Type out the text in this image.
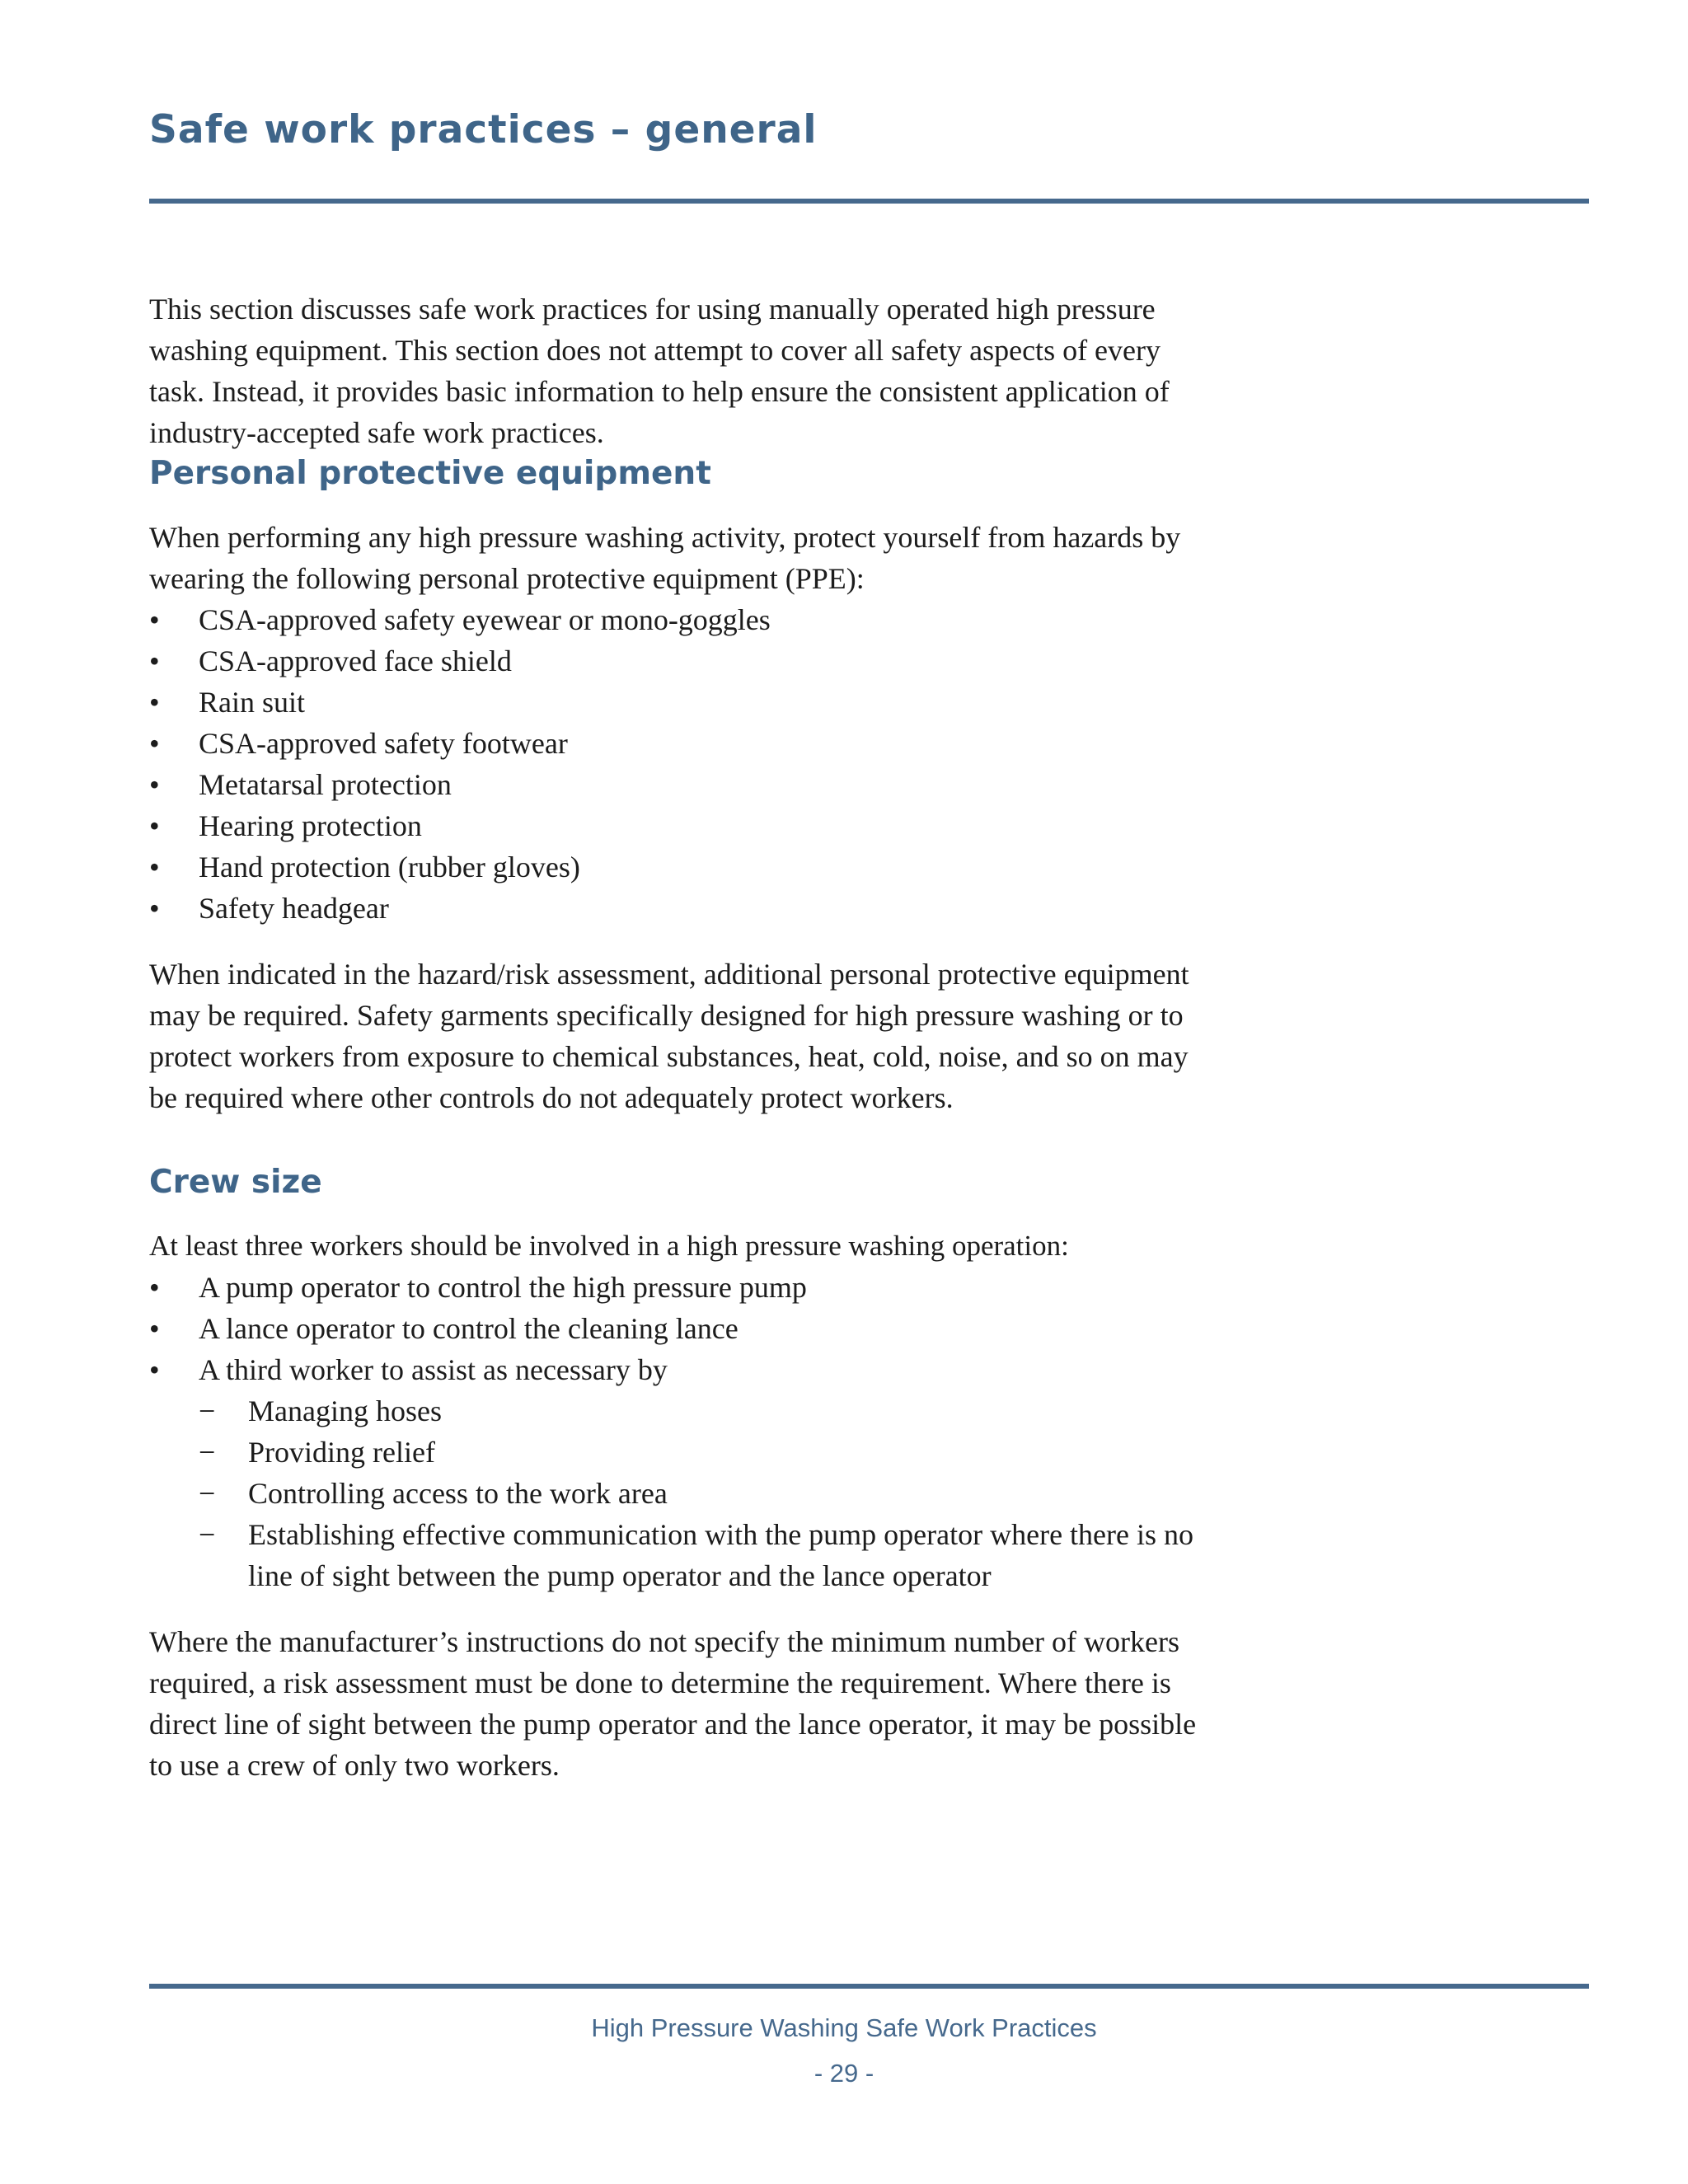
Safe work practices – general

This section discusses safe work practices for using manually operated high pressure washing equipment. This section does not attempt to cover all safety aspects of every task. Instead, it provides basic information to help ensure the consistent application of industry-accepted safe work practices.

Personal protective equipment

When performing any high pressure washing activity, protect yourself from hazards by wearing the following personal protective equipment (PPE):

• CSA-approved safety eyewear or mono-goggles
• CSA-approved face shield
• Rain suit
• CSA-approved safety footwear
• Metatarsal protection
• Hearing protection
• Hand protection (rubber gloves)
• Safety headgear

When indicated in the hazard/risk assessment, additional personal protective equipment may be required. Safety garments specifically designed for high pressure washing or to protect workers from exposure to chemical substances, heat, cold, noise, and so on may be required where other controls do not adequately protect workers.

Crew size

At least three workers should be involved in a high pressure washing operation:

• A pump operator to control the high pressure pump
• A lance operator to control the cleaning lance
• A third worker to assist as necessary by
− Managing hoses
− Providing relief
− Controlling access to the work area
− Establishing effective communication with the pump operator where there is no line of sight between the pump operator and the lance operator

Where the manufacturer’s instructions do not specify the minimum number of workers required, a risk assessment must be done to determine the requirement. Where there is direct line of sight between the pump operator and the lance operator, it may be possible to use a crew of only two workers.

High Pressure Washing Safe Work Practices
- 29 -
